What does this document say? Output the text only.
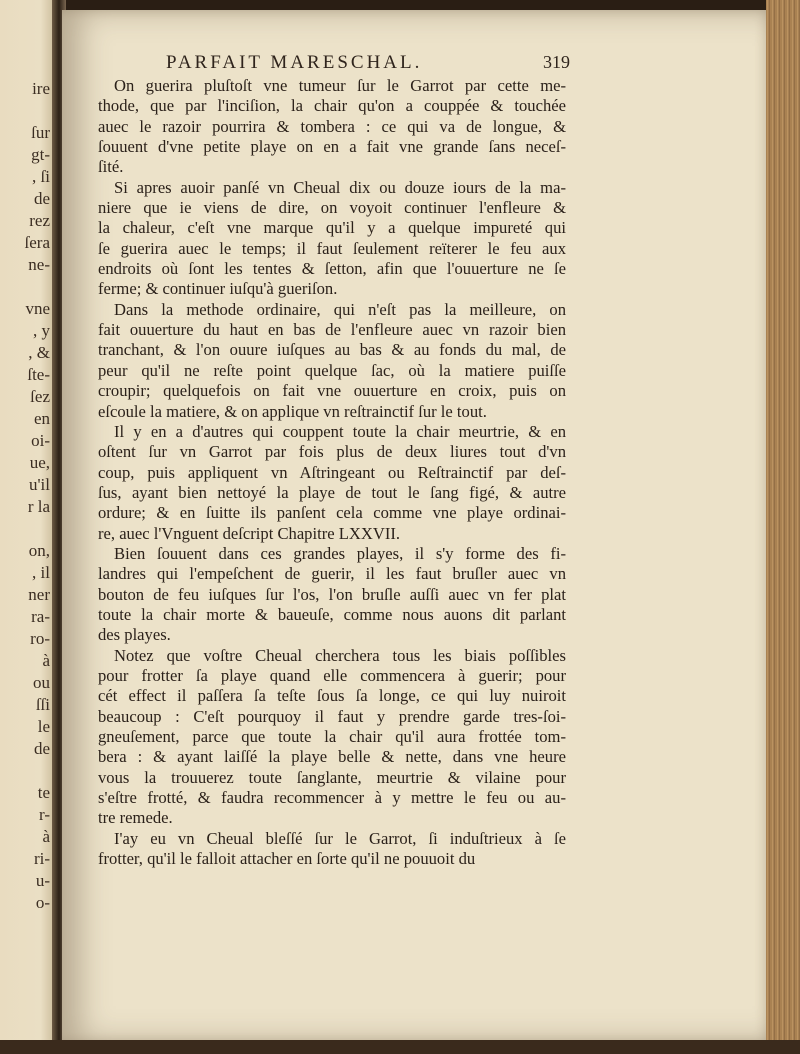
ire
ſur
gt-
, ſi
de
rez
ſera
ne-
vne
, y
, &
ſte-
ſez
en
oi-
ue,
u'il
r la
on,
, il
ner
ra-
ro-
à
ou
ſſi
le
de
te
r-
à
ri-
u-
o-
PARFAIT MARESCHAL.	319
On guerira pluſtoſt vne tumeur ſur le Garrot par cette me-
thode, que par l'inciſion, la chair qu'on a couppée & touchée
auec le razoir pourrira & tombera : ce qui va de longue, &
ſouuent d'vne petite playe on en a fait vne grande ſans neceſ-
ſité.
Si apres auoir panſé vn Cheual dix ou douze iours de la ma-
niere que ie viens de dire, on voyoit continuer l'enfleure &
la chaleur, c'eſt vne marque qu'il y a quelque impureté qui
ſe guerira auec le temps; il faut ſeulement reïterer le feu aux
endroits où ſont les tentes & ſetton, afin que l'ouuerture ne ſe
ferme; & continuer iuſqu'à gueriſon.
Dans la methode ordinaire, qui n'eſt pas la meilleure, on
fait ouuerture du haut en bas de l'enfleure auec vn razoir bien
tranchant, & l'on ouure iuſques au bas & au fonds du mal, de
peur qu'il ne reſte point quelque ſac, où la matiere puiſſe
croupir; quelquefois on fait vne ouuerture en croix, puis on
eſcoule la matiere, & on applique vn reſtrainctif ſur le tout.
Il y en a d'autres qui couppent toute la chair meurtrie, & en
oſtent ſur vn Garrot par fois plus de deux liures tout d'vn
coup, puis appliquent vn Aſtringeant ou Reſtrainctif par deſ-
ſus, ayant bien nettoyé la playe de tout le ſang figé, & autre
ordure; & en ſuitte ils panſent cela comme vne playe ordinai-
re, auec l'Vnguent deſcript Chapitre LXXVII.
Bien ſouuent dans ces grandes playes, il s'y forme des fi-
landres qui l'empeſchent de guerir, il les faut bruſler auec vn
bouton de feu iuſques ſur l'os, l'on bruſle auſſi auec vn fer plat
toute la chair morte & baueuſe, comme nous auons dit parlant
des playes.
Notez que voſtre Cheual cherchera tous les biais poſſibles
pour frotter ſa playe quand elle commencera à guerir; pour
cét effect il paſſera ſa teſte ſous ſa longe, ce qui luy nuiroit
beaucoup : C'eſt pourquoy il faut y prendre garde tres-ſoi-
gneuſement, parce que toute la chair qu'il aura frottée tom-
bera : & ayant laiſſé la playe belle & nette, dans vne heure
vous la trouuerez toute ſanglante, meurtrie & vilaine pour
s'eſtre frotté, & faudra recommencer à y mettre le feu ou au-
tre remede.
I'ay eu vn Cheual bleſſé ſur le Garrot, ſi induſtrieux à ſe
frotter, qu'il le falloit attacher en ſorte qu'il ne pouuoit du
